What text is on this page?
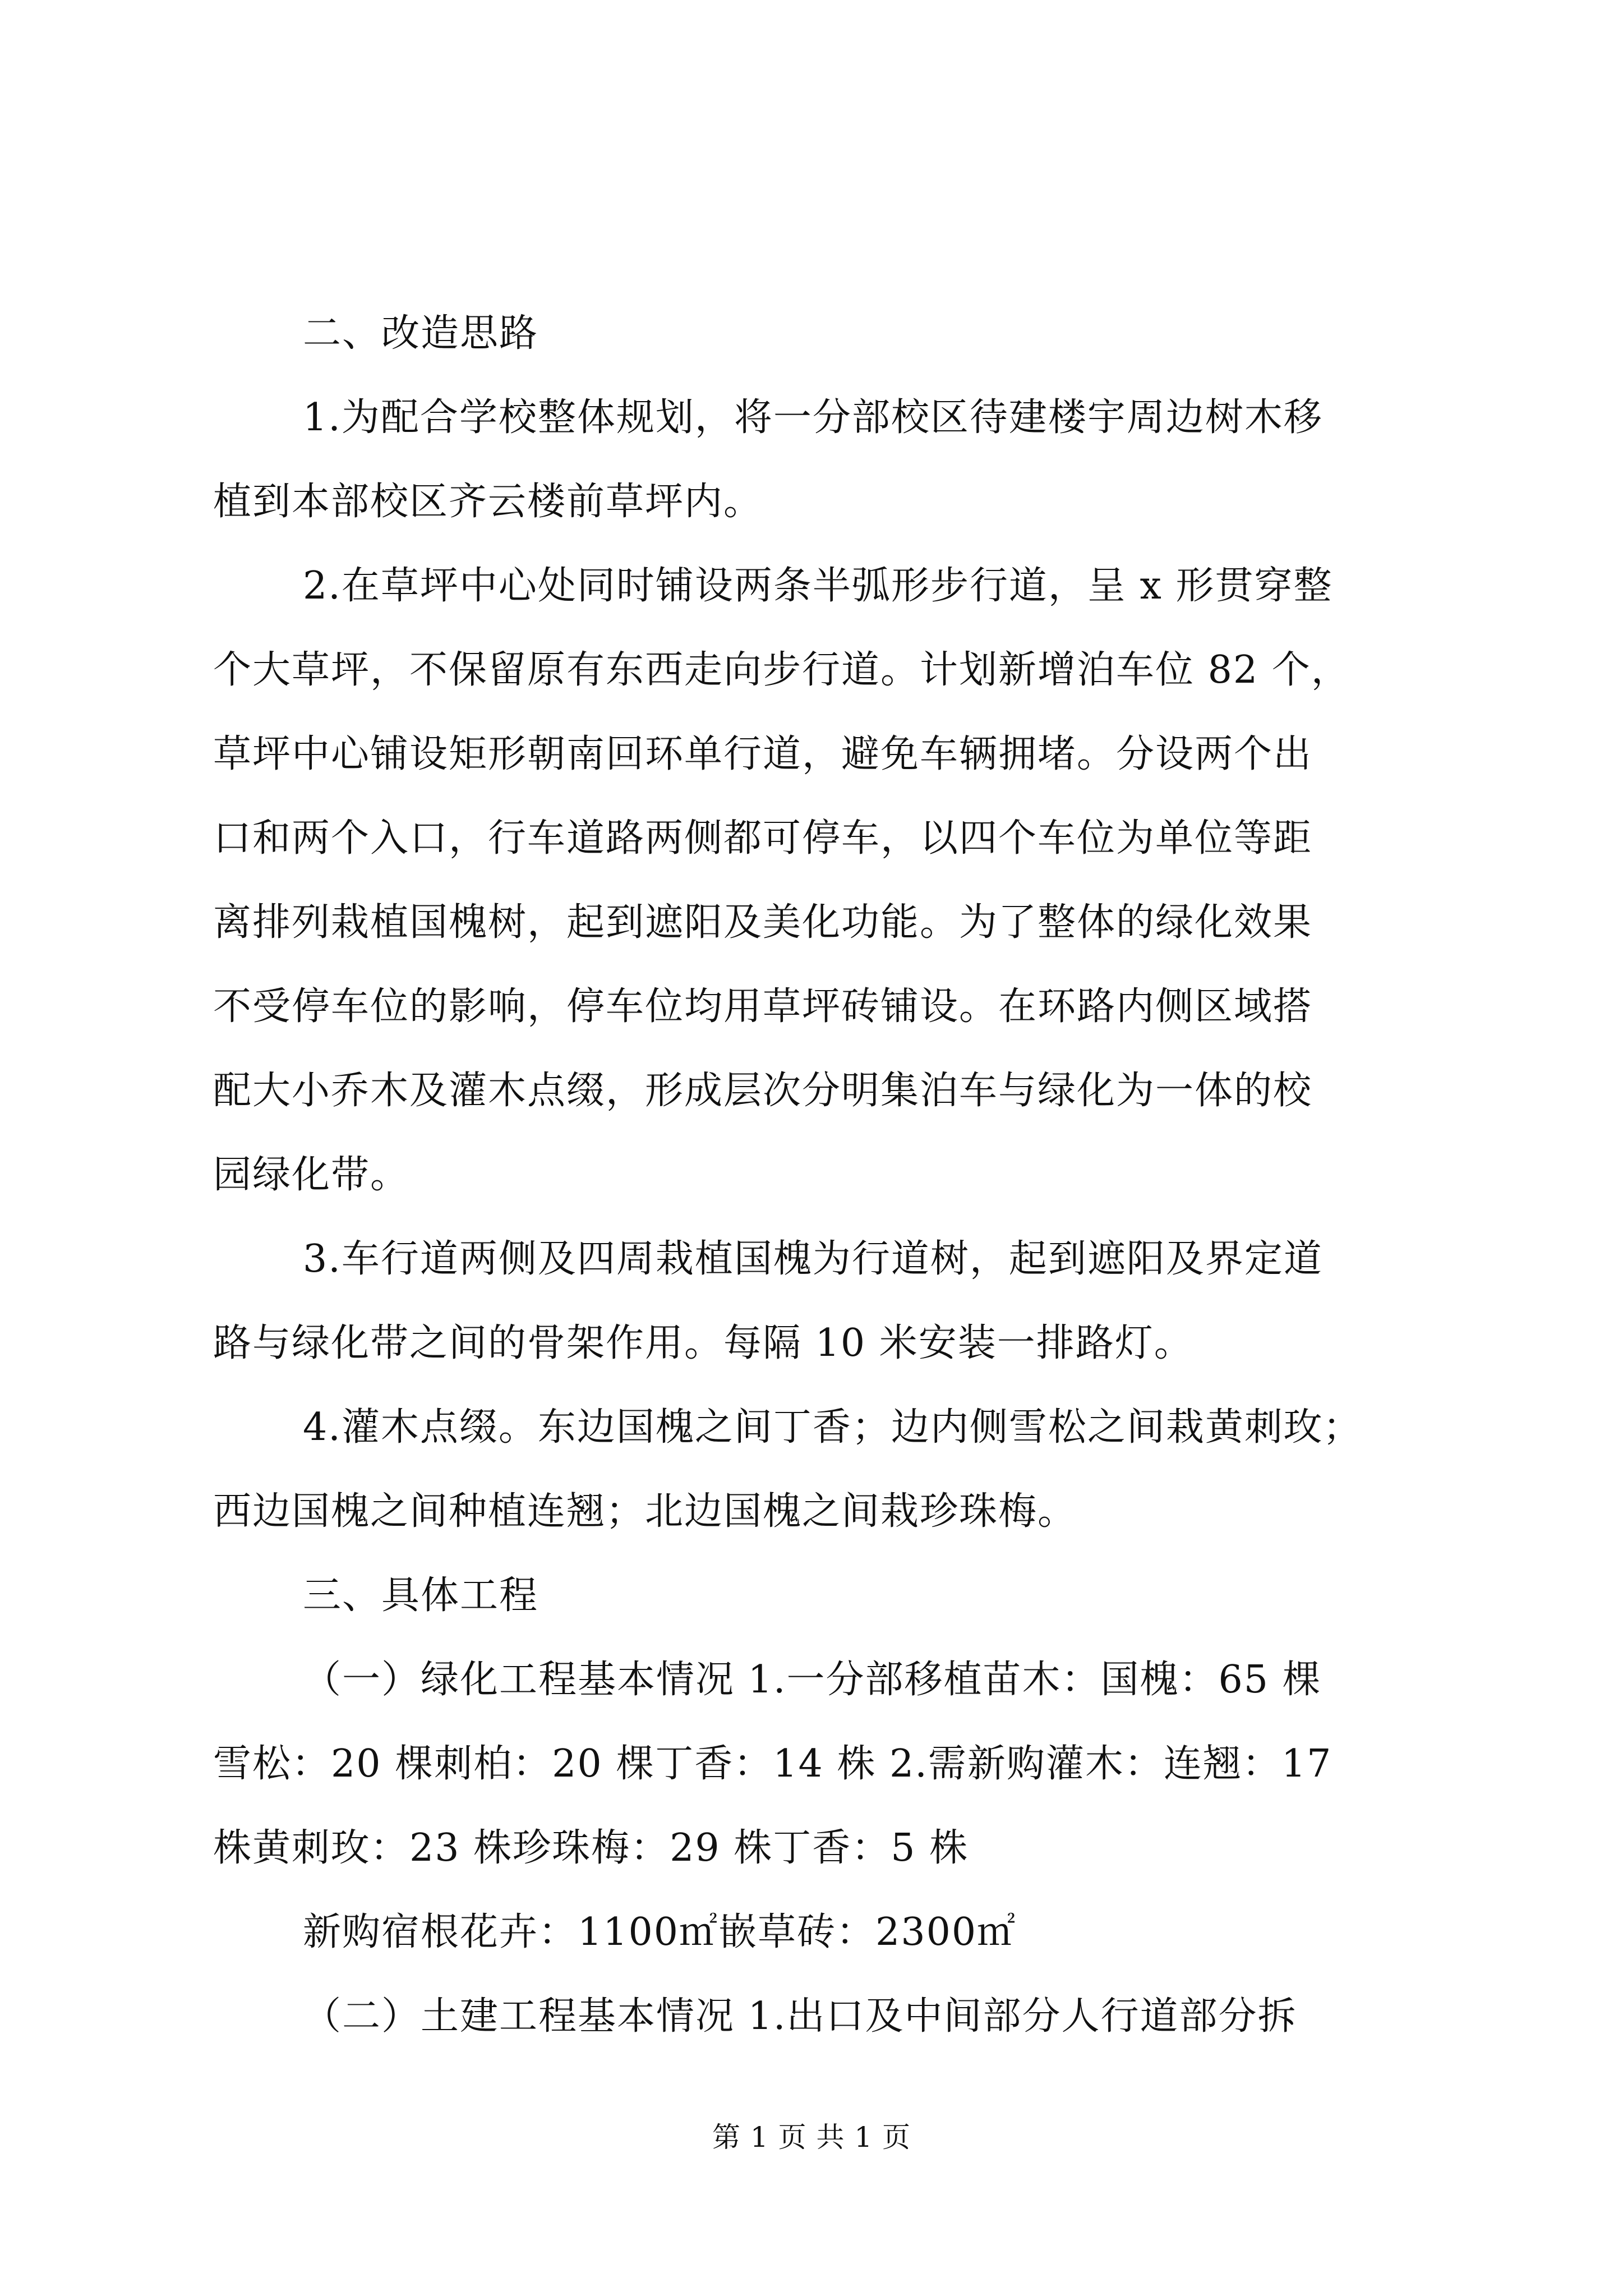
二、改造思路
1.为配合学校整体规划，将一分部校区待建楼宇周边树木移
植到本部校区齐云楼前草坪内。
2.在草坪中心处同时铺设两条半弧形步行道，呈 x 形贯穿整
个大草坪，不保留原有东西走向步行道。计划新增泊车位 82 个，
草坪中心铺设矩形朝南回环单行道，避免车辆拥堵。分设两个出
口和两个入口，行车道路两侧都可停车，以四个车位为单位等距
离排列栽植国槐树，起到遮阳及美化功能。为了整体的绿化效果
不受停车位的影响，停车位均用草坪砖铺设。在环路内侧区域搭
配大小乔木及灌木点缀，形成层次分明集泊车与绿化为一体的校
园绿化带。
3.车行道两侧及四周栽植国槐为行道树，起到遮阳及界定道
路与绿化带之间的骨架作用。每隔 10 米安装一排路灯。
4.灌木点缀。东边国槐之间丁香；边内侧雪松之间栽黄刺玫；
西边国槐之间种植连翘；北边国槐之间栽珍珠梅。
三、具体工程
（一）绿化工程基本情况 1.一分部移植苗木：国槐：65 棵
雪松：20 棵刺柏：20 棵丁香：14 株 2.需新购灌木：连翘：17
株黄刺玫：23 株珍珠梅：29 株丁香：5 株
新购宿根花卉：1100㎡嵌草砖：2300㎡
（二）土建工程基本情况 1.出口及中间部分人行道部分拆
第 1 页 共 1 页
